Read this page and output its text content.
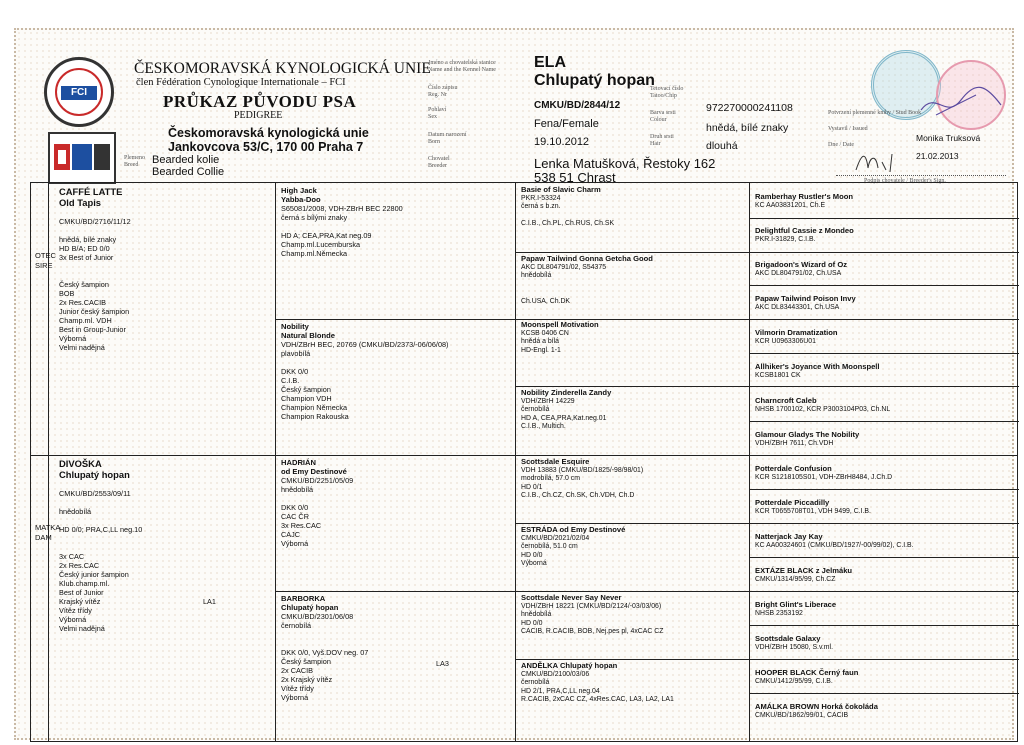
FCI
ČESKOMORAVSKÁ KYNOLOGICKÁ UNIE
člen Fédération Cynologique Internationale – FCI
PRŮKAZ PŮVODU PSA
PEDIGREE
Českomoravská kynologická unie
Jankovcova 53/C, 170 00 Praha 7
Plemeno
Breed	Bearded kolie
Bearded Collie
Jméno a chovatelská stanice
Name and the Kennel Name
Číslo zápisu
Reg. Nr
Pohlaví
Sex
Datum narození
Born
Chovatel
Breeder
ELA
Chlupatý hopan
CMKU/BD/2844/12
Fena/Female
19.10.2012
Lenka Matušková, Řestoky 162
538 51 Chrast
Tetovací číslo
Tatoo/Chip
Barva srsti
Colour
Druh srsti
Hair
972270000241108
hnědá, bílé znaky
dlouhá
Potvrzení plemenné knihy / Stud Book
Vystavil / Issued
Dne / Date
Monika Truksová
21.02.2013
Podpis chovatele / Breeder's Sign.
OTEC SIRE
MATKA DAM
CAFFÉ LATTE
Old Tapis

CMKU/BD/2716/11/12

hnědá, bílé znaky
HD B/A; ED 0/0
3x Best of Junior

Český šampion
BOB
2x Res.CACIB
Junior český šampion
Champ.ml. VDH
Best in Group-Junior
Výborná
Velmi nadějná
DIVOŠKA
Chlupatý hopan

CMKU/BD/2553/09/11

hnědobílá

HD 0/0; PRA,C,LL neg.10

3x CAC
2x Res.CAC
Český junior šampion
Klub.champ.ml.
Best of Junior
Krajský vítěz
Vítěz třídy
Výborná
Velmi nadějná
LA1
High Jack
Yabba-Doo
S65081/2008, VDH-ZBrH BEC 22800
černá s bílými znaky

HD A; CEA,PRA,Kat neg.09
Champ.ml.Lucemburska
Champ.ml.Německa
Nobility
Natural Blonde
VDH/ZBrH BEC, 20769 (CMKU/BD/2373/-06/06/08)
plavobílá

DKK 0/0
C.I.B.
Český šampion
Champion VDH
Champion Německa
Champion Rakouska
HADRIÁN
od Emy Destinové
CMKU/BD/2251/05/09
hnědobílá

DKK 0/0
CAC ČR
3x Res.CAC
CAJC
Výborná
BARBORKA
Chlupatý hopan
CMKU/BD/2301/06/08
černobílá

DKK 0/0, Vyš.DOV neg. 07
Český šampion
2x CACIB
2x Krajský vítěz
Vítěz třídy
Výborná
Basie of Slavic Charm
PKR.I-53324
černá s b.zn.

C.I.B., Ch.PL, Ch.RUS, Ch.SK
Papaw Tailwind Gonna Getcha Good
AKC DL804791/02, S54375
hnědobílá

Ch.USA, Ch.DK
Moonspell Motivation
KCSB 0406 CN
hnědá a bílá
HD-Engl. 1-1
Nobility Zinderella Zandy
VDH/ZBrH 14229
černobílá
HD A, CEA,PRA,Kat.neg.01
C.I.B., Multich.
Scottsdale Esquire
VDH 13883 (CMKU/BD/1825/-98/98/01)
modrobílá, 57.0 cm
HD 0/1
C.I.B., Ch.CZ, Ch.SK, Ch.VDH, Ch.D
ESTRÁDA od Emy Destinové
CMKU/BD/2021/02/04
černobílá, 51.0 cm
HD 0/0
Výborná
Scottsdale Never Say Never
VDH/ZBrH 18221 (CMKU/BD/2124/-03/03/06)
hnědobílá
HD 0/0
CACIB, R.CACIB, BOB, Nej.pes pl, 4xCAC CZ
ANDĚLKA Chlupatý hopan
CMKU/BD/2100/03/06
černobílá
HD 2/1, PRA,C,LL neg.04
R.CACIB, 2xCAC CZ, 4xRes.CAC, LA3, LA2, LA1
Ramberhay Rustler's Moon
KC AA03831201, Ch.E
Delightful Cassie z Mondeo
PKR.I-31829, C.I.B.
Brigadoon's Wizard of Oz
AKC DL804791/02, Ch.USA
Papaw Tailwind Poison Invy
AKC DL83443301, Ch.USA
Vilmorin Dramatization
KCR U0963306U01
Allhiker's Joyance With Moonspell
KCSB1801 CK
Charncroft Caleb
NHSB 1700102, KCR P3003104P03, Ch.NL
Glamour Gladys The Nobility
VDH/ZBrH 7611, Ch.VDH
Potterdale Confusion
KCR S1218105S01, VDH-ZBrH8484, J.Ch.D
Potterdale Piccadilly
KCR T0655708T01, VDH 9499, C.I.B.
Natterjack Jay Kay
KC AA00324601 (CMKU/BD/1927/-00/99/02), C.I.B.
EXTÁZE BLACK z Jelmáku
CMKU/1314/95/99, Ch.CZ
Bright Glint's Liberace
NHSB 2353192
Scottsdale Galaxy
VDH/ZBrH 15080, S.v.ml.
HOOPER BLACK Černý faun
CMKU/1412/95/99, C.I.B.
AMÁLKA BROWN Horká čokoláda
CMKU/BD/1862/99/01, CACIB
LA3
